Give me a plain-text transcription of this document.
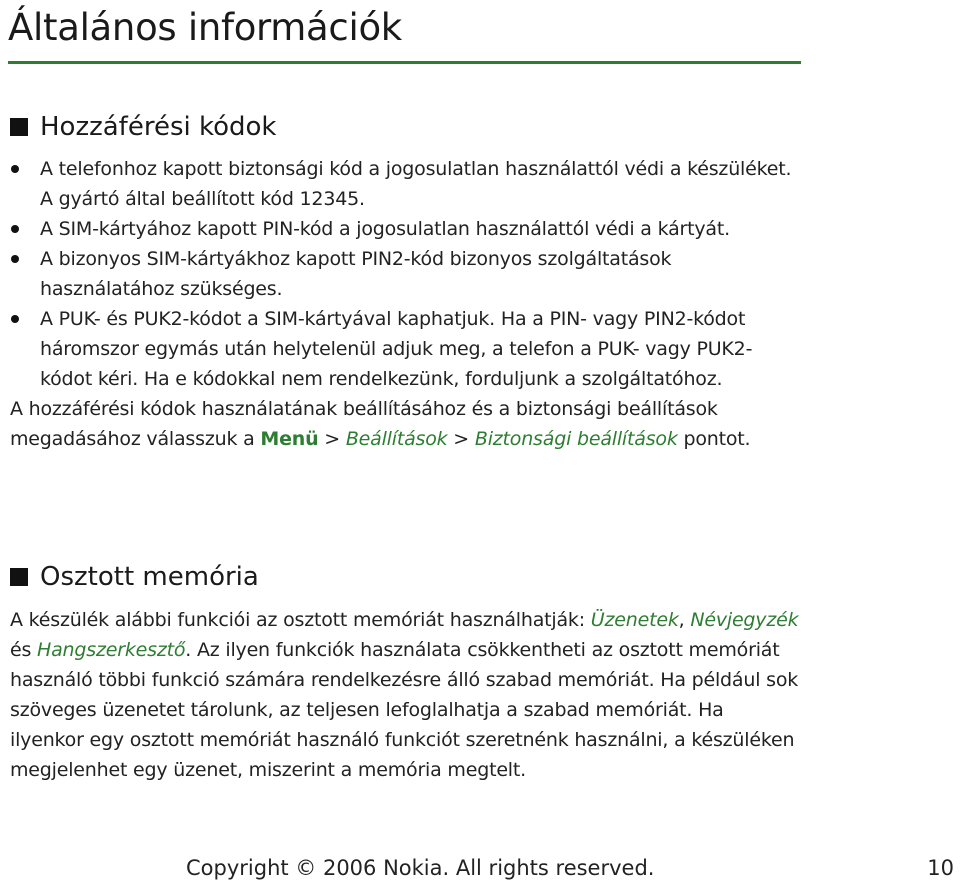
Általános információk
Hozzáférési kódok
A telefonhoz kapott biztonsági kód a jogosulatlan használattól védi a készüléket. A gyártó által beállított kód 12345.
A SIM-kártyához kapott PIN-kód a jogosulatlan használattól védi a kártyát.
A bizonyos SIM-kártyákhoz kapott PIN2-kód bizonyos szolgáltatások használatához szükséges.
A PUK- és PUK2-kódot a SIM-kártyával kaphatjuk. Ha a PIN- vagy PIN2-kódot háromszor egymás után helytelenül adjuk meg, a telefon a PUK- vagy PUK2-kódot kéri. Ha e kódokkal nem rendelkezünk, forduljunk a szolgáltatóhoz.

A hozzáférési kódok használatának beállításához és a biztonsági beállítások megadásához válasszuk a Menü > Beállítások > Biztonsági beállítások pontot.

Osztott memória

A készülék alábbi funkciói az osztott memóriát használhatják: Üzenetek, Névjegyzék és Hangszerkesztő. Az ilyen funkciók használata csökkentheti az osztott memóriát használó többi funkció számára rendelkezésre álló szabad memóriát. Ha például sok szöveges üzenetet tárolunk, az teljesen lefoglalhatja a szabad memóriát. Ha ilyenkor egy osztott memóriát használó funkciót szeretnénk használni, a készüléken megjelenhet egy üzenet, miszerint a memória megtelt.

Copyright © 2006 Nokia. All rights reserved.	10
